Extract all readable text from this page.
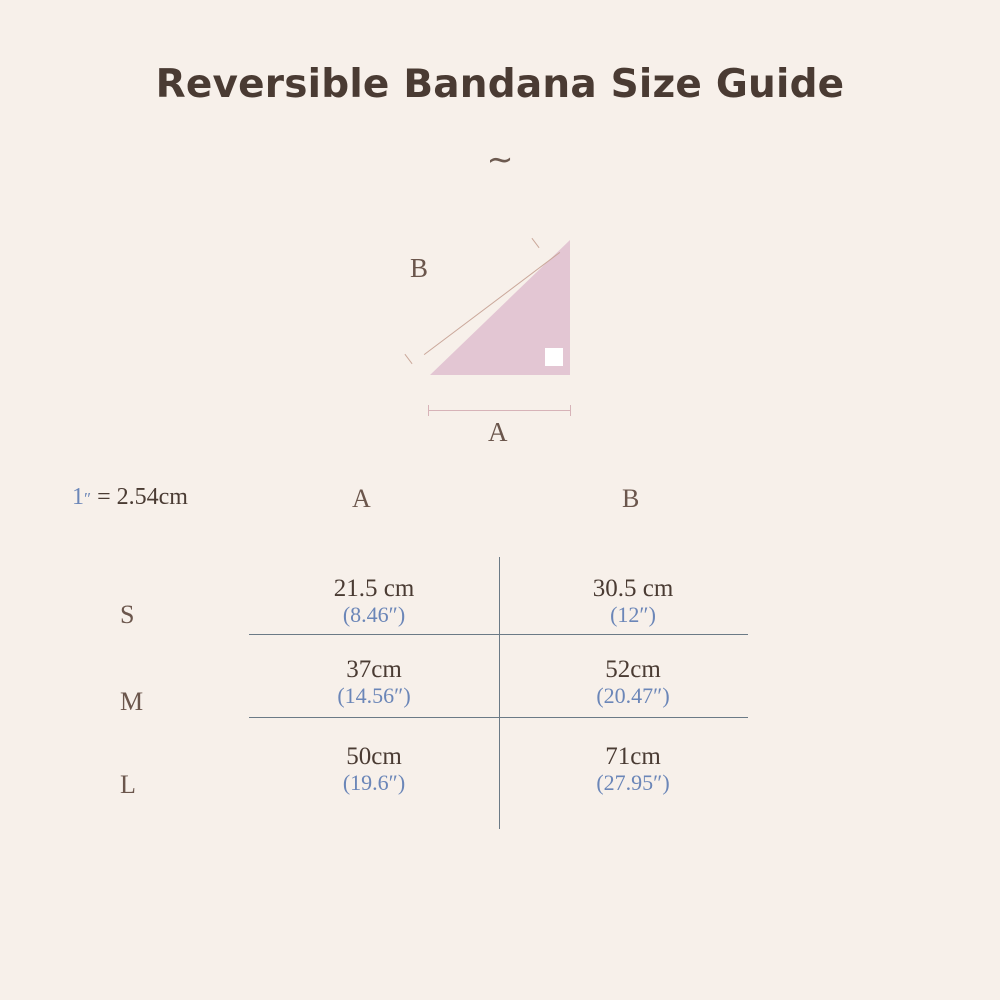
Reversible Bandana Size Guide
~
B
A
1″ = 2.54cm	A	B
S
M
L
21.5 cm
(8.46″)
30.5 cm
(12″)
37cm
(14.56″)
52cm
(20.47″)
50cm
(19.6″)
71cm
(27.95″)
